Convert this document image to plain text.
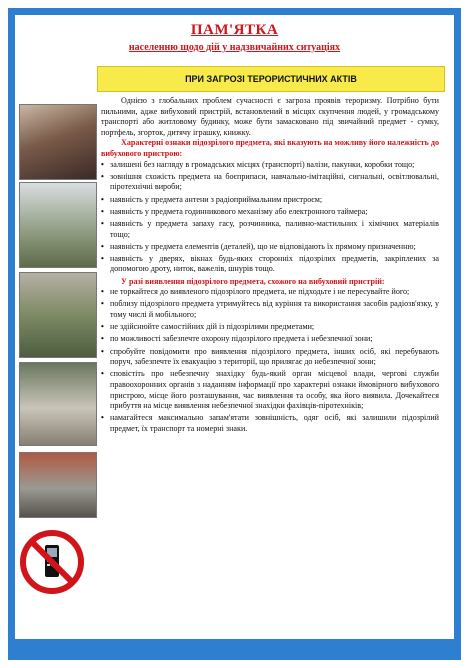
ПАМ'ЯТКА
населенню щодо дій у надзвичайних ситуаціях
ПРИ ЗАГРОЗІ ТЕРОРИСТИЧНИХ АКТІВ

Однією з глобальних проблем сучасності є загроза проявів тероризму. Потрібно бути пильними, адже вибуховий пристрій, встановлений в місцях скупчення людей, у громадському транспорті або житловому будинку, може бути замасковано під звичайний предмет - сумку, портфель, згорток, дитячу іграшку, книжку.

Характерні ознаки підозрілого предмета, які вказують на можливу його належність до вибухового пристрою:

• залишені без нагляду в громадських місцях (транспорті) валізи, пакунки, коробки тощо;
• зовнішня схожість предмета на боєприпаси, навчально-імітаційні, сигнальні, освітлювальні, піротехнічні вироби;
• наявність у предмета антени з радіоприймальним пристроєм;
• наявність у предмета годинникового механізму або електронного таймера;
• наявність у предмета запаху гасу, розчинника, паливно-мастильних і хімічних матеріалів тощо;
• наявність у предмета елементів (деталей), що не відповідають їх прямому призначенню;
• наявність у дверях, вікнах будь-яких сторонніх підозрілих предметів, закріплених за допомогою дроту, ниток, важелів, шнурів тощо.

У разі виявлення підозрілого предмета, схожого на вибуховий пристрій:

• не торкайтеся до виявленого підозрілого предмета, не підходьте і не пересувайте його;
• поблизу підозрілого предмета утримуйтесь від куріння та використання засобів радіозв'язку, у тому числі й мобільного;
• не здійснюйте самостійних дій із підозрілими предметами;
• по можливості забезпечте охорону підозрілого предмета і небезпечної зони;
• спробуйте повідомити про виявлення підозрілого предмета, інших осіб, які перебувають поруч, забезпечте їх евакуацію з території, що прилягає до небезпечної зони;
• сповістіть про небезпечну знахідку будь-який орган місцевої влади, чергові служби правоохоронних органів з наданням інформації про характерні ознаки ймовірного вибухового пристрою, місце його розташування, час виявлення та особу, яка його виявила. Дочекайтеся прибуття на місце виявлення небезпечної знахідки фахівців-піротехніків;
• намагайтеся максимально запам'ятати зовнішність, одяг осіб, які залишили підозрілий предмет, їх транспорт та номерні знаки.
